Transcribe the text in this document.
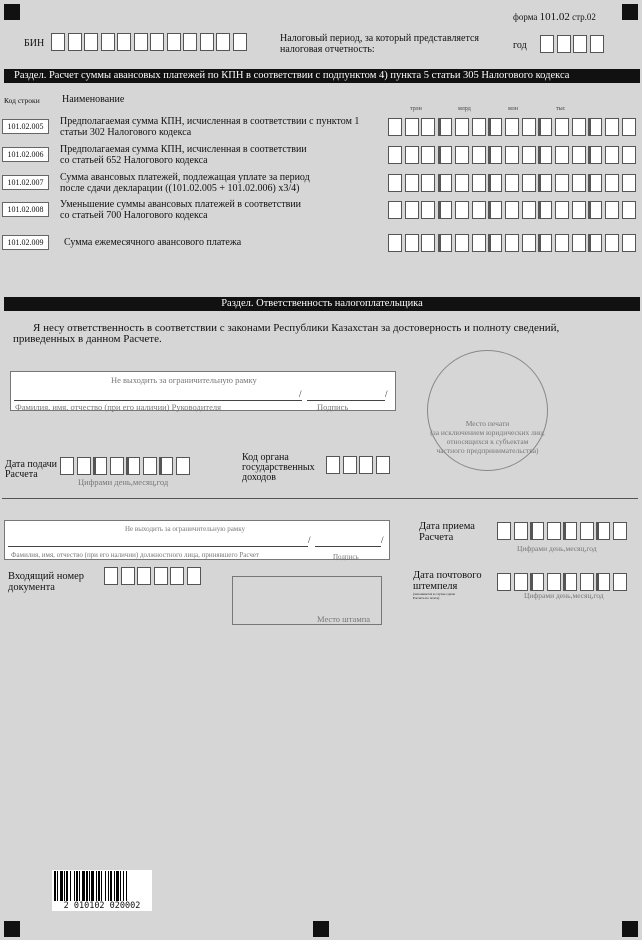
форма 101.02 стр.02
БИН	Налоговый период, за который представляется
налоговая отчетность:	год
Раздел. Расчет суммы авансовых платежей по КПН в соответствии с подпунктом 4) пункта 5 статьи 305 Налогового кодекса
Код строки Наименование
трлн	млрд	млн	тыс
101.02.005	Предполагаемая сумма КПН, исчисленная в соответствии с пунктом 1
статьи 302 Налогового кодекса
101.02.006	Предполагаемая сумма КПН, исчисленная в соответствии
со статьей 652 Налогового кодекса
101.02.007	Сумма авансовых платежей, подлежащая уплате за период
после сдачи декларации ((101.02.005 + 101.02.006) х3/4)
101.02.008	Уменьшение суммы авансовых платежей в соответствии
со статьей 700 Налогового кодекса
101.02.009	Сумма ежемесячного авансового платежа
Раздел. Ответственность налогоплательщика
Я несу ответственность в соответствии с законами Республики Казахстан за достоверность и полноту сведений,
приведенных в данном Расчете.
Не выходить за ограничительную рамку
/	/
Фамилия, имя, отчество (при его наличии) Руководителя	Подпись
Место печати
(за исключением юридических лиц,
относящихся к субъектам
частного предпринимательства)
Дата подачи
Расчета
Цифрами день,месяц,год
Код органа
государственных
доходов
Не выходить за ограничительную рамку
/	/
Фамилия, имя, отчество (при его наличии) должностного лица, принявшего Расчет	Подпись
Дата приема
Расчета
Цифрами день,месяц,год
Входящий номер
документа
Место штампа
Дата почтового
штемпеля
(заполняется в случае сдачи
Расчета по почте)	Цифрами день,месяц,год
2 010102 020002
